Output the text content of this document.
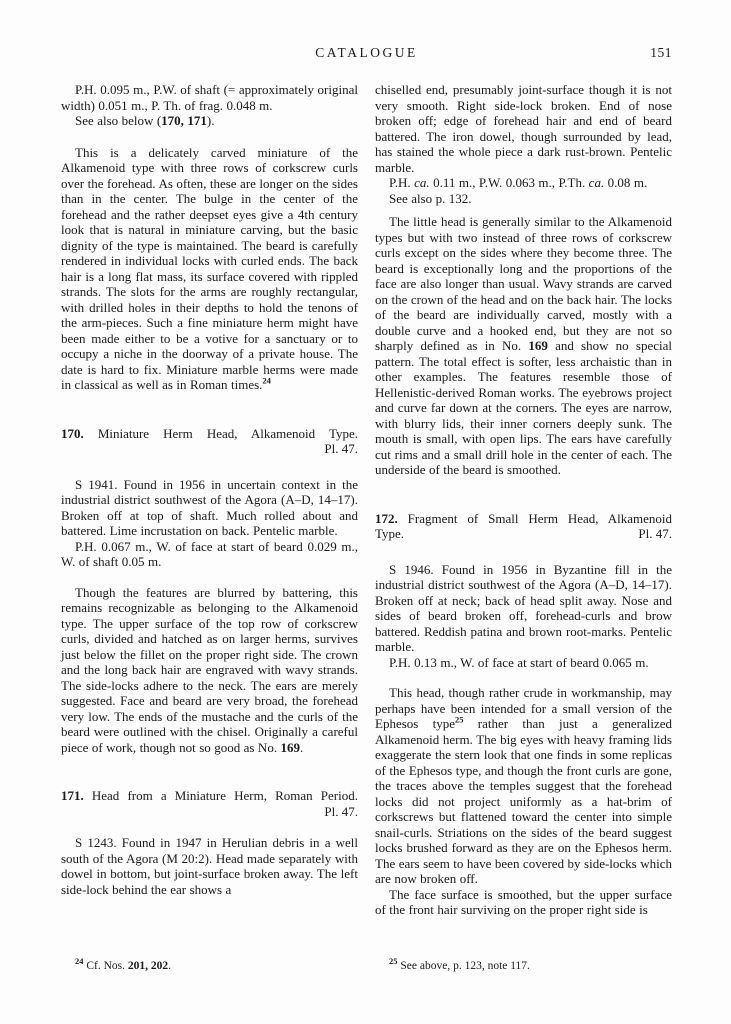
CATALOGUE	151

P.H. 0.095 m., P.W. of shaft (= approximately original width) 0.051 m., P. Th. of frag. 0.048 m.

See also below (170, 171).

This is a delicately carved miniature of the Alkamenoid type with three rows of corkscrew curls over the forehead. As often, these are longer on the sides than in the center. The bulge in the center of the forehead and the rather deepset eyes give a 4th century look that is natural in miniature carving, but the basic dignity of the type is maintained. The beard is carefully rendered in individual locks with curled ends. The back hair is a long flat mass, its surface covered with rippled strands. The slots for the arms are roughly rectangular, with drilled holes in their depths to hold the tenons of the arm-pieces. Such a fine miniature herm might have been made either to be a votive for a sanctuary or to occupy a niche in the doorway of a private house. The date is hard to fix. Miniature marble herms were made in classical as well as in Roman times.$^{24}$

170. Miniature Herm Head, Alkamenoid Type.
Pl. 47.

S 1941. Found in 1956 in uncertain context in the industrial district southwest of the Agora (A–D, 14–17). Broken off at top of shaft. Much rolled about and battered. Lime incrustation on back. Pentelic marble.

P.H. 0.067 m., W. of face at start of beard 0.029 m., W. of shaft 0.05 m.

Though the features are blurred by battering, this remains recognizable as belonging to the Alkamenoid type. The upper surface of the top row of corkscrew curls, divided and hatched as on larger herms, survives just below the fillet on the proper right side. The crown and the long back hair are engraved with wavy strands. The side-locks adhere to the neck. The ears are merely suggested. Face and beard are very broad, the forehead very low. The ends of the mustache and the curls of the beard were outlined with the chisel. Originally a careful piece of work, though not so good as No. 169.

171. Head from a Miniature Herm, Roman Period.
Pl. 47.

S 1243. Found in 1947 in Herulian debris in a well south of the Agora (M 20:2). Head made separately with dowel in bottom, but joint-surface broken away. The left side-lock behind the ear shows a

chiselled end, presumably joint-surface though it is not very smooth. Right side-lock broken. End of nose broken off; edge of forehead hair and end of beard battered. The iron dowel, though surrounded by lead, has stained the whole piece a dark rust-brown. Pentelic marble.

P.H. ca. 0.11 m., P.W. 0.063 m., P.Th. ca. 0.08 m.

See also p. 132.

The little head is generally similar to the Alkamenoid types but with two instead of three rows of corkscrew curls except on the sides where they become three. The beard is exceptionally long and the proportions of the face are also longer than usual. Wavy strands are carved on the crown of the head and on the back hair. The locks of the beard are individually carved, mostly with a double curve and a hooked end, but they are not so sharply defined as in No. 169 and show no special pattern. The total effect is softer, less archaistic than in other examples. The features resemble those of Hellenistic-derived Roman works. The eyebrows project and curve far down at the corners. The eyes are narrow, with blurry lids, their inner corners deeply sunk. The mouth is small, with open lips. The ears have carefully cut rims and a small drill hole in the center of each. The underside of the beard is smoothed.

172. Fragment of Small Herm Head, Alkamenoid
Type.	Pl. 47.

S 1946. Found in 1956 in Byzantine fill in the industrial district southwest of the Agora (A–D, 14–17). Broken off at neck; back of head split away. Nose and sides of beard broken off, forehead-curls and brow battered. Reddish patina and brown root-marks. Pentelic marble.

P.H. 0.13 m., W. of face at start of beard 0.065 m.

This head, though rather crude in workmanship, may perhaps have been intended for a small version of the Ephesos type$^{25}$ rather than just a generalized Alkamenoid herm. The big eyes with heavy framing lids exaggerate the stern look that one finds in some replicas of the Ephesos type, and though the front curls are gone, the traces above the temples suggest that the forehead locks did not project uniformly as a hat-brim of corkscrews but flattened toward the center into simple snail-curls. Striations on the sides of the beard suggest locks brushed forward as they are on the Ephesos herm. The ears seem to have been covered by side-locks which are now broken off.

The face surface is smoothed, but the upper surface of the front hair surviving on the proper right side is

$^{24}$ Cf. Nos. 201, 202.	$^{25}$ See above, p. 123, note 117.
